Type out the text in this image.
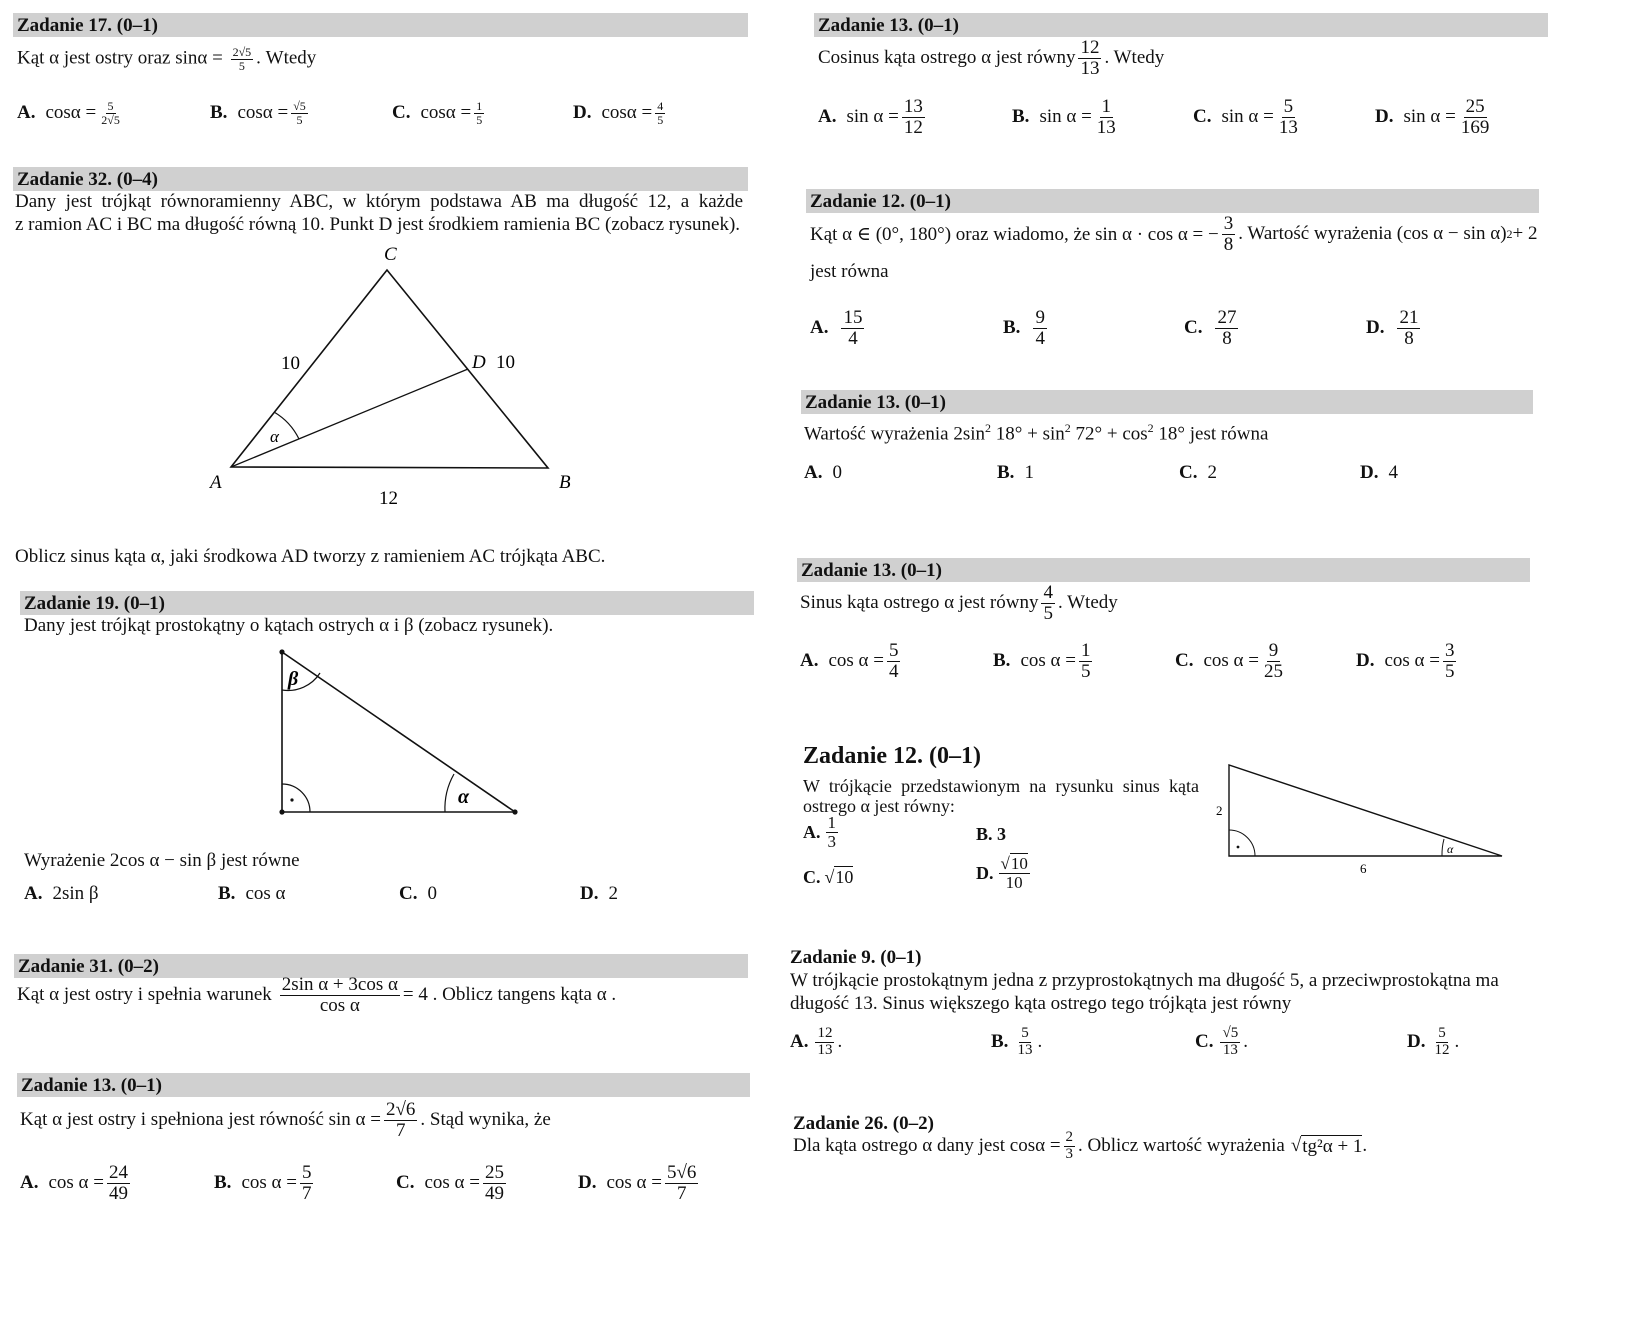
Zadanie 17. (0–1)
Kąt α jest ostry oraz $\sin\alpha = \frac{2√5}{5}$ . Wtedy
A. $\cos\alpha = \frac{5}{2√5}$	B. $\cos\alpha = \frac{√5}{5}$	C. $\cos\alpha = \frac{1}{5}$	D. $\cos\alpha = \frac{4}{5}$
Zadanie 32. (0–4)
Dany jest trójkąt równoramienny ABC, w którym podstawa AB ma długość 12, a każde
z ramion AC i BC ma długość równą 10. Punkt D jest środkiem ramienia BC (zobacz rysunek).
C
D 10
10
α
A	B
12
Oblicz sinus kąta α, jaki środkowa AD tworzy z ramieniem AC trójkąta ABC.
Zadanie 19. (0–1)
Dany jest trójkąt prostokątny o kątach ostrych α i β (zobacz rysunek).
β
α
Wyrażenie 2cos α − sin β jest równe
A. 2sin β	B. cos α	C. 0	D. 2
Zadanie 31. (0–2)
Kąt α jest ostry i spełnia warunek $\frac{\text{2sin α + 3cos α}}{\text{cos α}} = 4$ . Oblicz tangens kąta α .
Zadanie 13. (0–1)
Kąt α jest ostry i spełniona jest równość $\sin \alpha = \frac{2√6}{7}$ . Stąd wynika, że
A. $\cos \alpha = \frac{24}{49}$	B. $\cos \alpha = \frac{5}{7}$	C. $\cos \alpha = \frac{25}{49}$	D. $\cos \alpha = \frac{5√6}{7}$
Zadanie 13. (0–1)
Cosinus kąta ostrego α jest równy 12
13 . Wtedy
A. $\sin \alpha = \frac{13}{12}$	B. $\sin \alpha = \frac{1}{13}$	C. $\sin \alpha = \frac{5}{13}$	D. $\sin \alpha = \frac{25}{169}$
Zadanie 12. (0–1)
Kąt α ∈ (0°, 180°) oraz wiadomo, że sin α · cos α = − $\frac{3}{8}$ . Wartość wyrażenia (cos α − sin α) 2 + 2
jest równa
A. 15
4	B. 9
4	C. 27
8	D. 21
8
Zadanie 13. (0–1)
Wartość wyrażenia $2\sin^2$ $18^\circ + \sin^2 72^\circ + \cos^2 18^\circ$ jest równa
A. 0	B. 1	C. 2	D. 4
Zadanie 13. (0–1)
Sinus kąta ostrego α jest równy 4
5 . Wtedy
A. $\cos \alpha = \frac{5}{4}$	B. $\cos \alpha = \frac{1}{5}$	C. $\cos \alpha = \frac{9}{25}$	D. $\cos \alpha = \frac{3}{5}$
Zadanie 12. (0–1)
W trójkącie przedstawionym na rysunku sinus kąta
ostrego α jest równy:
A. 1
3	B. 3
C. √ 10	D. √10
10
2
6
α
Zadanie 9. (0–1)
W trójkącie prostokątnym jedna z przyprostokątnych ma długość 5, a przeciwprostokątna ma
długość 13. Sinus większego kąta ostrego tego trójkąta jest równy
A. 12
13 .	B. 5
13 .	C. √5
13 .	D. 5
12 .
Zadanie 26. (0–2)
Dla kąta ostrego α dany jest $\cos\alpha = \frac{2}{3}$ . Oblicz wartość wyrażenia √ tg²α + 1 .
